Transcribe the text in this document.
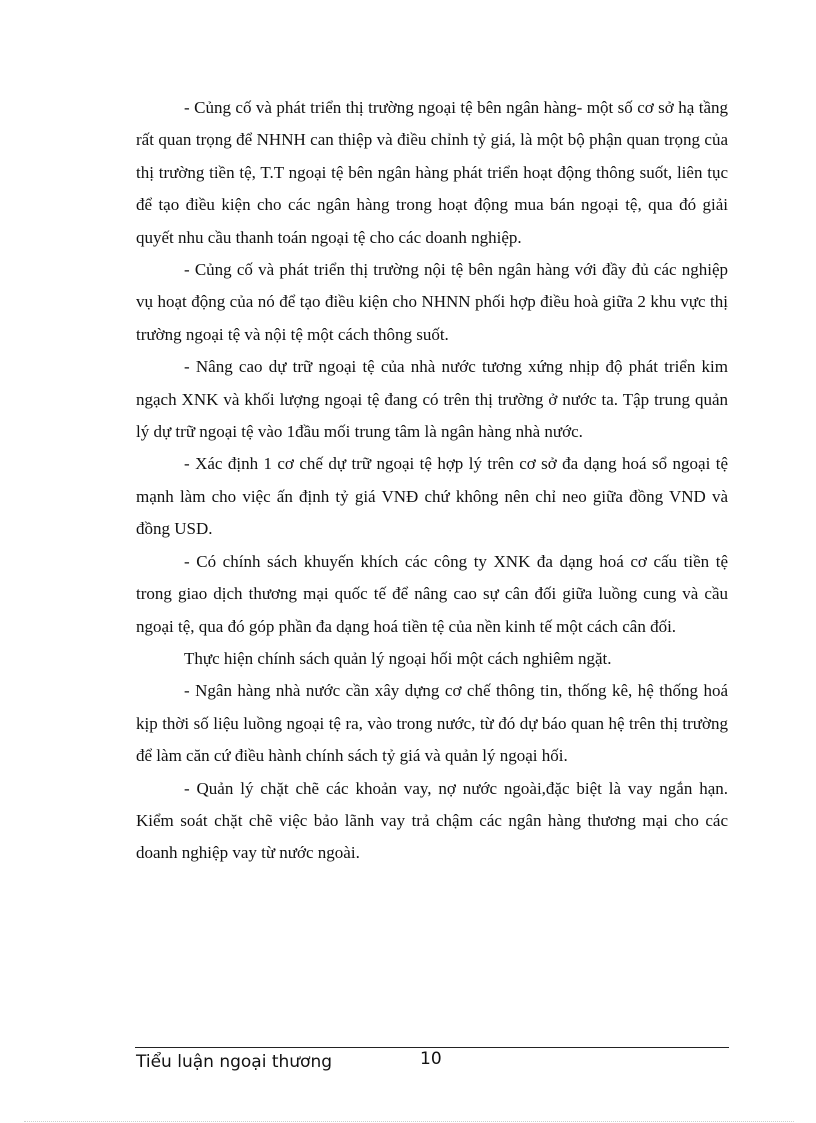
- Củng cố và phát triển thị trường ngoại tệ bên ngân hàng- một số cơ sở hạ tầng rất quan trọng để NHNH can thiệp và điều chỉnh tỷ giá, là một bộ phận quan trọng của thị trường tiền tệ, T.T ngoại tệ bên ngân hàng phát triển hoạt động thông suốt, liên tục để tạo điều kiện cho các ngân hàng trong hoạt động mua bán ngoại tệ, qua đó giải quyết nhu cầu thanh toán ngoại tệ cho các doanh nghiệp.

- Củng cố và phát triển thị trường nội tệ bên ngân hàng với đầy đủ các nghiệp vụ hoạt động của nó để tạo điều kiện cho NHNN phối hợp điều hoà giữa 2 khu vực thị trường ngoại tệ và nội tệ một cách thông suốt.

- Nâng cao dự trữ ngoại tệ của nhà nước tương xứng nhịp độ phát triển kim ngạch XNK và khối lượng ngoại tệ đang có trên thị trường ở nước ta. Tập trung quản lý dự trữ ngoại tệ vào 1đầu mối trung tâm là ngân hàng nhà nước.

- Xác định 1 cơ chế dự trữ ngoại tệ hợp lý trên cơ sở đa dạng hoá sổ ngoại tệ mạnh làm cho việc ấn định tỷ giá VNĐ chứ không nên chỉ neo giữa đồng VND và đồng USD.

- Có chính sách khuyến khích các công ty XNK đa dạng hoá cơ cấu tiền tệ trong giao dịch thương mại quốc tế để nâng cao sự cân đối giữa luồng cung và cầu ngoại tệ, qua đó góp phần đa dạng hoá tiền tệ của nền kinh tế một cách cân đối.

Thực hiện chính sách quản lý ngoại hối một cách nghiêm ngặt.

- Ngân hàng nhà nước cần xây dựng cơ chế thông tin, thống kê, hệ thống hoá kịp thời số liệu luồng ngoại tệ ra, vào trong nước, từ đó dự báo quan hệ trên thị trường để làm căn cứ điều hành chính sách tỷ giá và quản lý ngoại hối.

- Quản lý chặt chẽ các khoản vay, nợ nước ngoài,đặc biệt là vay ngắn hạn. Kiểm soát chặt chẽ việc bảo lãnh vay trả chậm các ngân hàng thương mại cho các doanh nghiệp vay từ nước ngoài.

Tiểu luận ngoại thương	10
